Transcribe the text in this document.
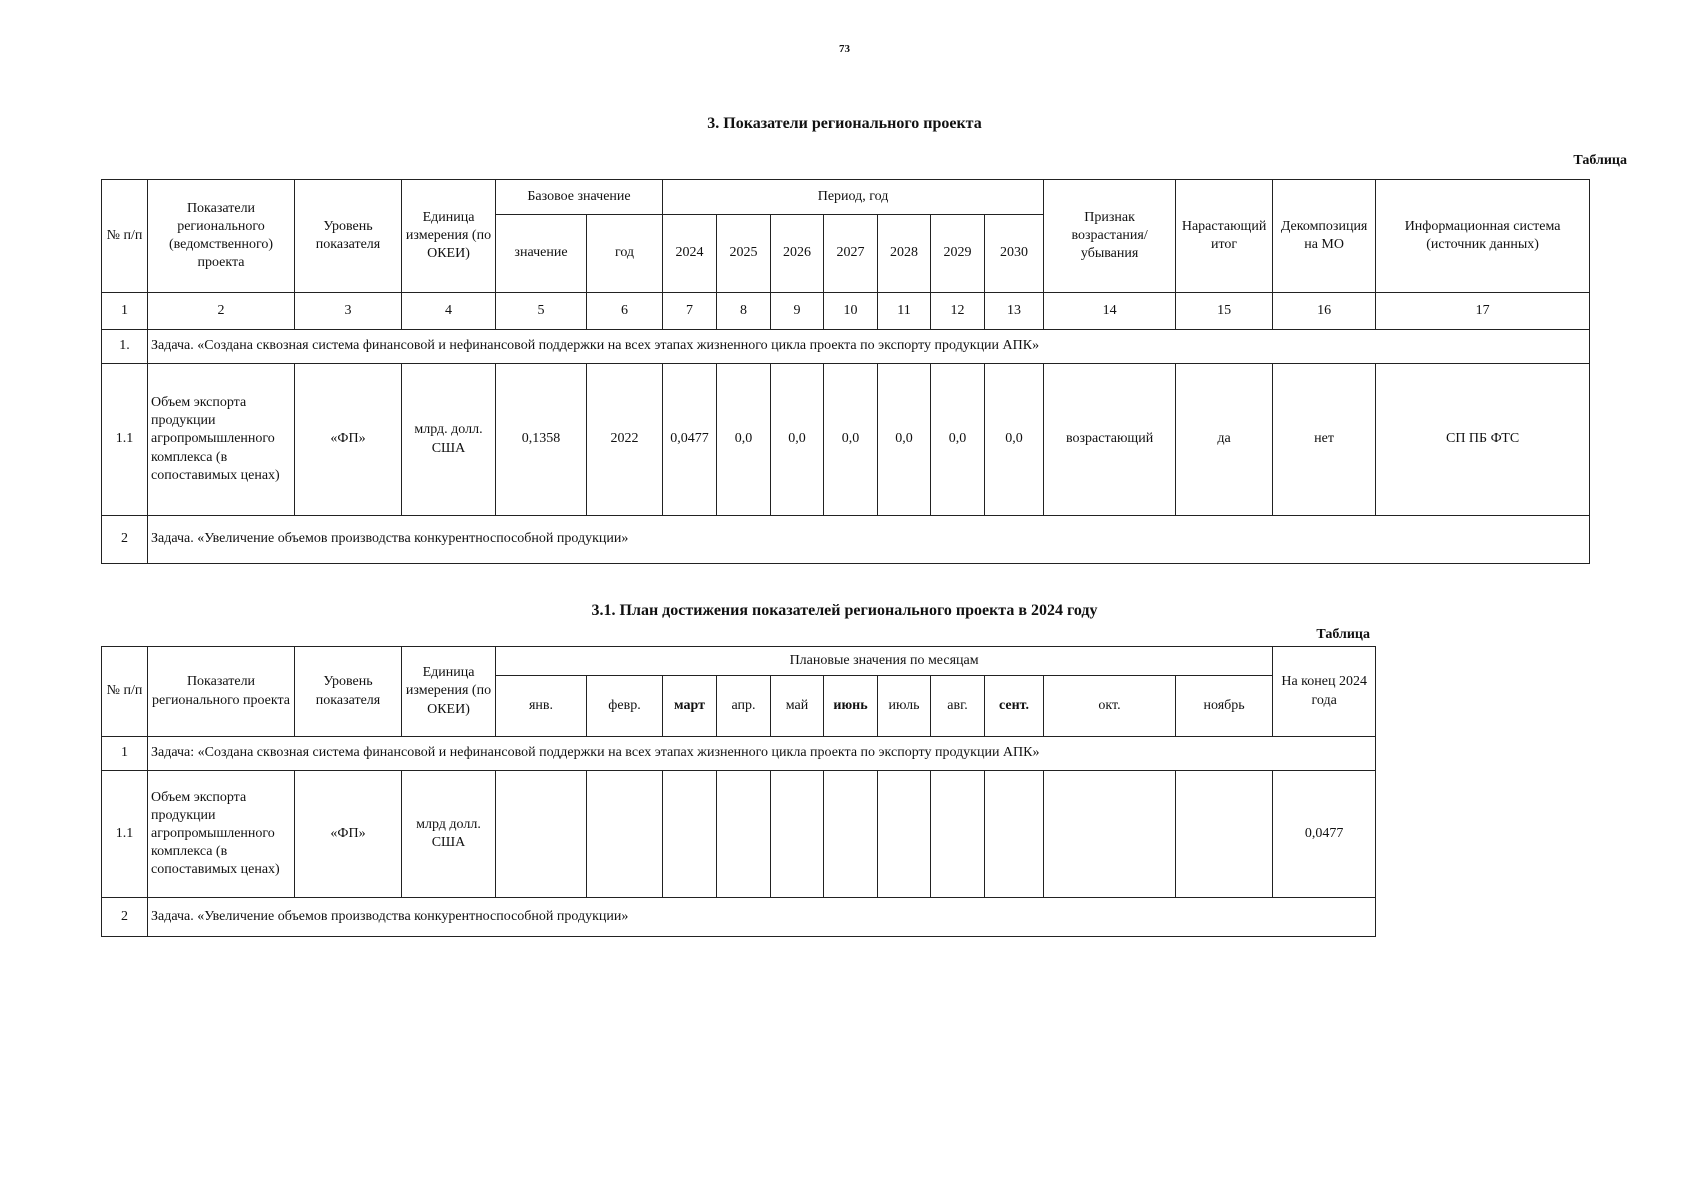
73
3. Показатели регионального проекта
Таблица
№ п/п	Показатели регионального (ведомственного) проекта	Уровень показателя	Единица измерения (по ОКЕИ)	Базовое значение		Период, год							Признак возрастания/убывания	Нарастающий итог	Декомпозиция на МО	Информационная система (источник данных)
				значение	год	2024	2025	2026	2027	2028	2029	2030				
1	2	3	4	5	6	7	8	9	10	11	12	13	14	15	16	17
1.	Задача. «Создана сквозная система финансовой и нефинансовой поддержки на всех этапах жизненного цикла проекта по экспорту продукции АПК»															
1.1	Объем экспорта продукции агропромышленного комплекса (в сопоставимых ценах)	«ФП»	млрд. долл. США	0,1358	2022	0,0477	0,0	0,0	0,0	0,0	0,0	0,0	возрастающий	да	нет	СП ПБ ФТС
2	Задача. «Увеличение объемов производства конкурентноспособной продукции»															
3.1. План достижения показателей регионального проекта в 2024 году
Таблица
№ п/п	Показатели регионального проекта	Уровень показателя	Единица измерения (по ОКЕИ)	Плановые значения по месяцам											На конец 2024 года
				янв.	февр.	март	апр.	май	июнь	июль	авг.	сент.	окт.	ноябрь	
1	Задача: «Создана сквозная система финансовой и нефинансовой поддержки на всех этапах жизненного цикла проекта по экспорту продукции АПК»														
1.1	Объем экспорта продукции агропромышленного комплекса (в сопоставимых ценах)	«ФП»	млрд долл. США												0,0477
2	Задача. «Увеличение объемов производства конкурентноспособной продукции»														
